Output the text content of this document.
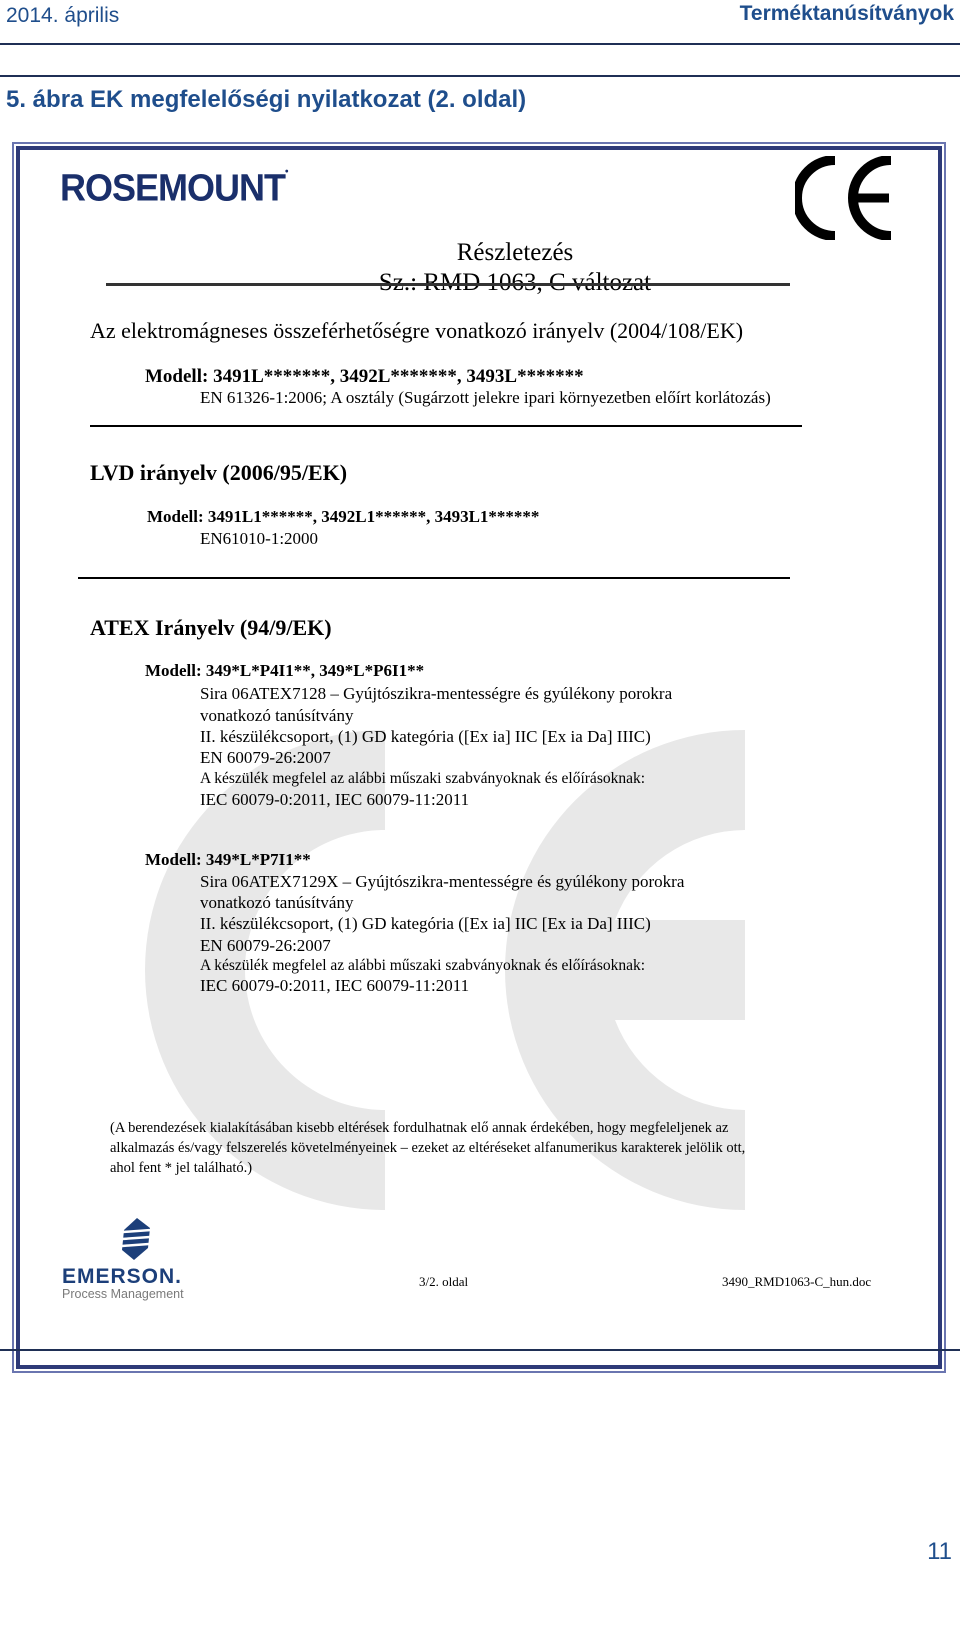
2014. április	Terméktanúsítványok
5. ábra EK megfelelőségi nyilatkozat (2. oldal)
ROSEMOUNT•
Részletezés
Sz.: RMD 1063, C változat
Az elektromágneses összeférhetőségre vonatkozó irányelv (2004/108/EK)
Modell: 3491L*******, 3492L*******, 3493L*******
EN 61326-1:2006; A osztály (Sugárzott jelekre ipari környezetben előírt korlátozás)
LVD irányelv (2006/95/EK)
Modell: 3491L1******, 3492L1******, 3493L1******
EN61010-1:2000
ATEX Irányelv (94/9/EK)
Modell: 349*L*P4I1**, 349*L*P6I1**
Sira 06ATEX7128 – Gyújtószikra-mentességre és gyúlékony porokra
vonatkozó tanúsítvány
II. készülékcsoport, (1) GD kategória ([Ex ia] IIC [Ex ia Da] IIIC)
EN 60079-26:2007
A készülék megfelel az alábbi műszaki szabványoknak és előírásoknak:
IEC 60079-0:2011, IEC 60079-11:2011
Modell: 349*L*P7I1**
Sira 06ATEX7129X – Gyújtószikra-mentességre és gyúlékony porokra
vonatkozó tanúsítvány
II. készülékcsoport, (1) GD kategória ([Ex ia] IIC [Ex ia Da] IIIC)
EN 60079-26:2007
A készülék megfelel az alábbi műszaki szabványoknak és előírásoknak:
IEC 60079-0:2011, IEC 60079-11:2011
(A berendezések kialakításában kisebb eltérések fordulhatnak elő annak érdekében, hogy megfeleljenek az
alkalmazás és/vagy felszerelés követelményeinek – ezeket az eltéréseket alfanumerikus karakterek jelölik ott,
ahol fent * jel található.)
EMERSON.
Process Management
3/2. oldal	3490_RMD1063-C_hun.doc
11
